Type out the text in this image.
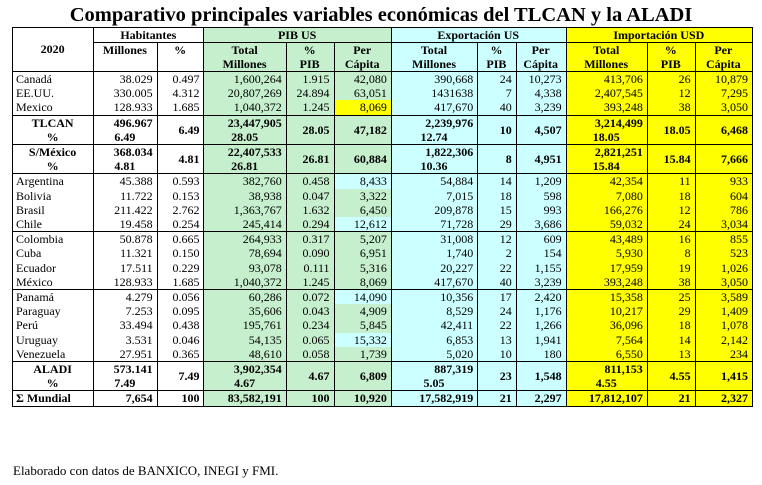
Comparativo principales variables económicas del TLCAN y la ALADI
2020	Habitantes		PIB US			Exportación US			Importación USD		
	Millones	%	Total	%	Per	Total	%	Per	Total	%	Per
			Millones	PIB	Cápita	Millones	PIB	Cápita	Millones	PIB	Cápita
Canadá	38.029	0.497	1,600,264	1.915	42,080	390,668	24	10,273	413,706	26	10,879
EE.UU.	330.005	4.312	20,807,269	24.894	63,051	1431638	7	4,338	2,407,545	12	7,295
Mexico	128.933	1.685	1,040,372	1.245	8,069	417,670	40	3,239	393,248	38	3,050
TLCAN	496.967	6.49	23,447,905	28.05	47,182	2,239,976	10	4,507	3,214,499	18.05	6,468
%	6.49		28.05			12.74			18.05		
S/México	368.034	4.81	22,407,533	26.81	60,884	1,822,306	8	4,951	2,821,251	15.84	7,666
%	4.81		26.81			10.36			15.84		
Argentina	45.388	0.593	382,760	0.458	8,433	54,884	14	1,209	42,354	11	933
Bolivia	11.722	0.153	38,938	0.047	3,322	7,015	18	598	7,080	18	604
Brasil	211.422	2.762	1,363,767	1.632	6,450	209,878	15	993	166,276	12	786
Chile	19.458	0.254	245,414	0.294	12,612	71,728	29	3,686	59,032	24	3,034
Colombia	50.878	0.665	264,933	0.317	5,207	31,008	12	609	43,489	16	855
Cuba	11.321	0.150	78,694	0.090	6,951	1,740	2	154	5,930	8	523
Ecuador	17.511	0.229	93,078	0.111	5,316	20,227	22	1,155	17,959	19	1,026
México	128.933	1.685	1,040,372	1.245	8,069	417,670	40	3,239	393,248	38	3,050
Panamá	4.279	0.056	60,286	0.072	14,090	10,356	17	2,420	15,358	25	3,589
Paraguay	7.253	0.095	35,606	0.043	4,909	8,529	24	1,176	10,217	29	1,409
Perú	33.494	0.438	195,761	0.234	5,845	42,411	22	1,266	36,096	18	1,078
Uruguay	3.531	0.046	54,135	0.065	15,332	6,853	13	1,941	7,564	14	2,142
Venezuela	27.951	0.365	48,610	0.058	1,739	5,020	10	180	6,550	13	234
ALADI	573.141	7.49	3,902,354	4.67	6,809	887,319	23	1,548	811,153	4.55	1,415
%	7.49		4.67			5.05			4.55		
Σ Mundial	7,654	100	83,582,191	100	10,920	17,582,919	21	2,297	17,812,107	21	2,327
Elaborado con datos de BANXICO, INEGI y FMI.
